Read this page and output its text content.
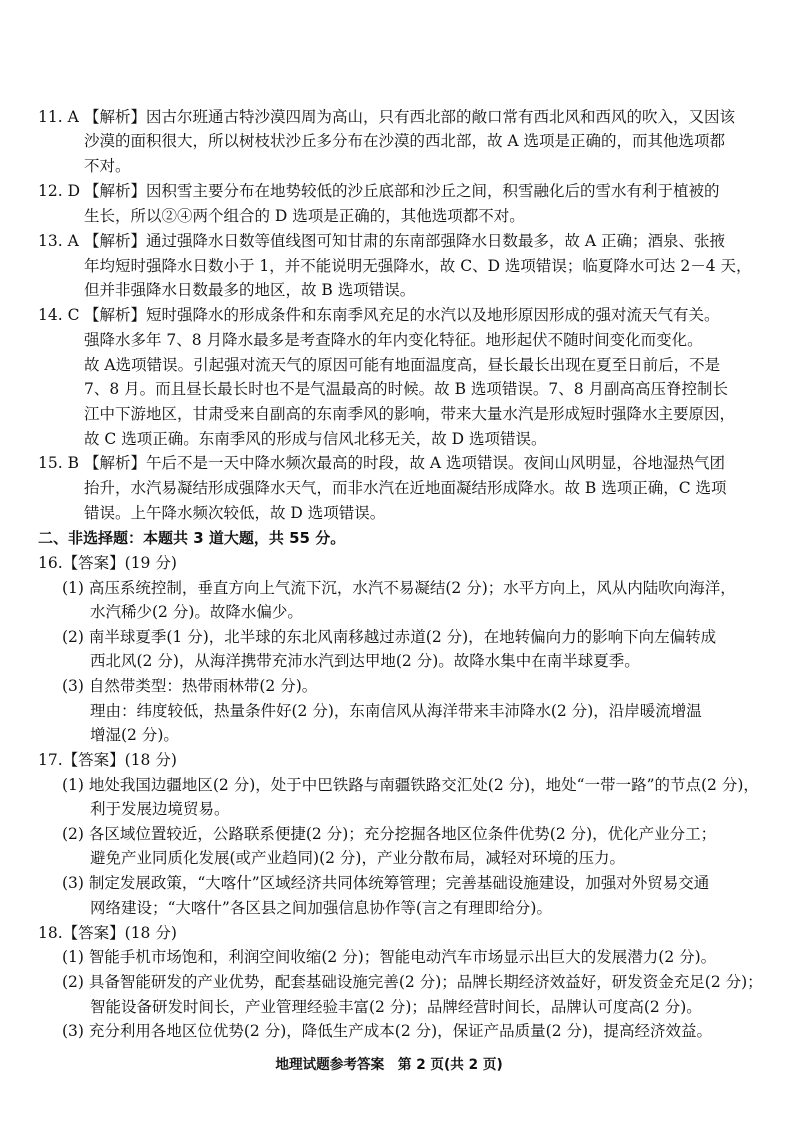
11. A 【解析】因古尔班通古特沙漠四周为高山，只有西北部的敞口常有西北风和西风的吹入，又因该
沙漠的面积很大，所以树枝状沙丘多分布在沙漠的西北部，故 A 选项是正确的，而其他选项都
不对。
12. D 【解析】因积雪主要分布在地势较低的沙丘底部和沙丘之间，积雪融化后的雪水有利于植被的
生长，所以②④两个组合的 D 选项是正确的，其他选项都不对。
13. A 【解析】通过强降水日数等值线图可知甘肃的东南部强降水日数最多，故 A 正确；酒泉、张掖
年均短时强降水日数小于 1，并不能说明无强降水，故 C、D 选项错误；临夏降水可达 2－4 天，
但并非强降水日数最多的地区，故 B 选项错误。
14. C 【解析】短时强降水的形成条件和东南季风充足的水汽以及地形原因形成的强对流天气有关。
强降水多年 7、8 月降水最多是考查降水的年内变化特征。地形起伏不随时间变化而变化。
故 A选项错误。引起强对流天气的原因可能有地面温度高，昼长最长出现在夏至日前后，不是
7、8 月。而且昼长最长时也不是气温最高的时候。故 B 选项错误。7、8 月副高高压脊控制长
江中下游地区，甘肃受来自副高的东南季风的影响，带来大量水汽是形成短时强降水主要原因，
故 C 选项正确。东南季风的形成与信风北移无关，故 D 选项错误。
15. B 【解析】午后不是一天中降水频次最高的时段，故 A 选项错误。夜间山风明显，谷地湿热气团
抬升，水汽易凝结形成强降水天气，而非水汽在近地面凝结形成降水。故 B 选项正确，C 选项
错误。上午降水频次较低，故 D 选项错误。
二、非选择题：本题共 3 道大题，共 55 分。
16.【答案】(19 分)
(1) 高压系统控制，垂直方向上气流下沉，水汽不易凝结(2 分)；水平方向上，风从内陆吹向海洋，
水汽稀少(2 分)。故降水偏少。
(2) 南半球夏季(1 分)，北半球的东北风南移越过赤道(2 分)，在地转偏向力的影响下向左偏转成
西北风(2 分)，从海洋携带充沛水汽到达甲地(2 分)。故降水集中在南半球夏季。
(3) 自然带类型：热带雨林带(2 分)。
理由：纬度较低，热量条件好(2 分)，东南信风从海洋带来丰沛降水(2 分)，沿岸暖流增温
增湿(2 分)。
17.【答案】(18 分)
(1) 地处我国边疆地区(2 分)，处于中巴铁路与南疆铁路交汇处(2 分)，地处“一带一路”的节点(2 分)，
利于发展边境贸易。
(2) 各区域位置较近，公路联系便捷(2 分)；充分挖掘各地区位条件优势(2 分)，优化产业分工；
避免产业同质化发展(或产业趋同)(2 分)，产业分散布局，减轻对环境的压力。
(3) 制定发展政策，“大喀什”区域经济共同体统筹管理；完善基础设施建设，加强对外贸易交通
网络建设；“大喀什”各区县之间加强信息协作等(言之有理即给分)。
18.【答案】(18 分)
(1) 智能手机市场饱和，利润空间收缩(2 分)；智能电动汽车市场显示出巨大的发展潜力(2 分)。
(2) 具备智能研发的产业优势，配套基础设施完善(2 分)；品牌长期经济效益好，研发资金充足(2 分)；
智能设备研发时间长，产业管理经验丰富(2 分)；品牌经营时间长，品牌认可度高(2 分)。
(3) 充分利用各地区位优势(2 分)，降低生产成本(2 分)，保证产品质量(2 分)，提高经济效益。
地理试题参考答案　第 2 页(共 2 页)
